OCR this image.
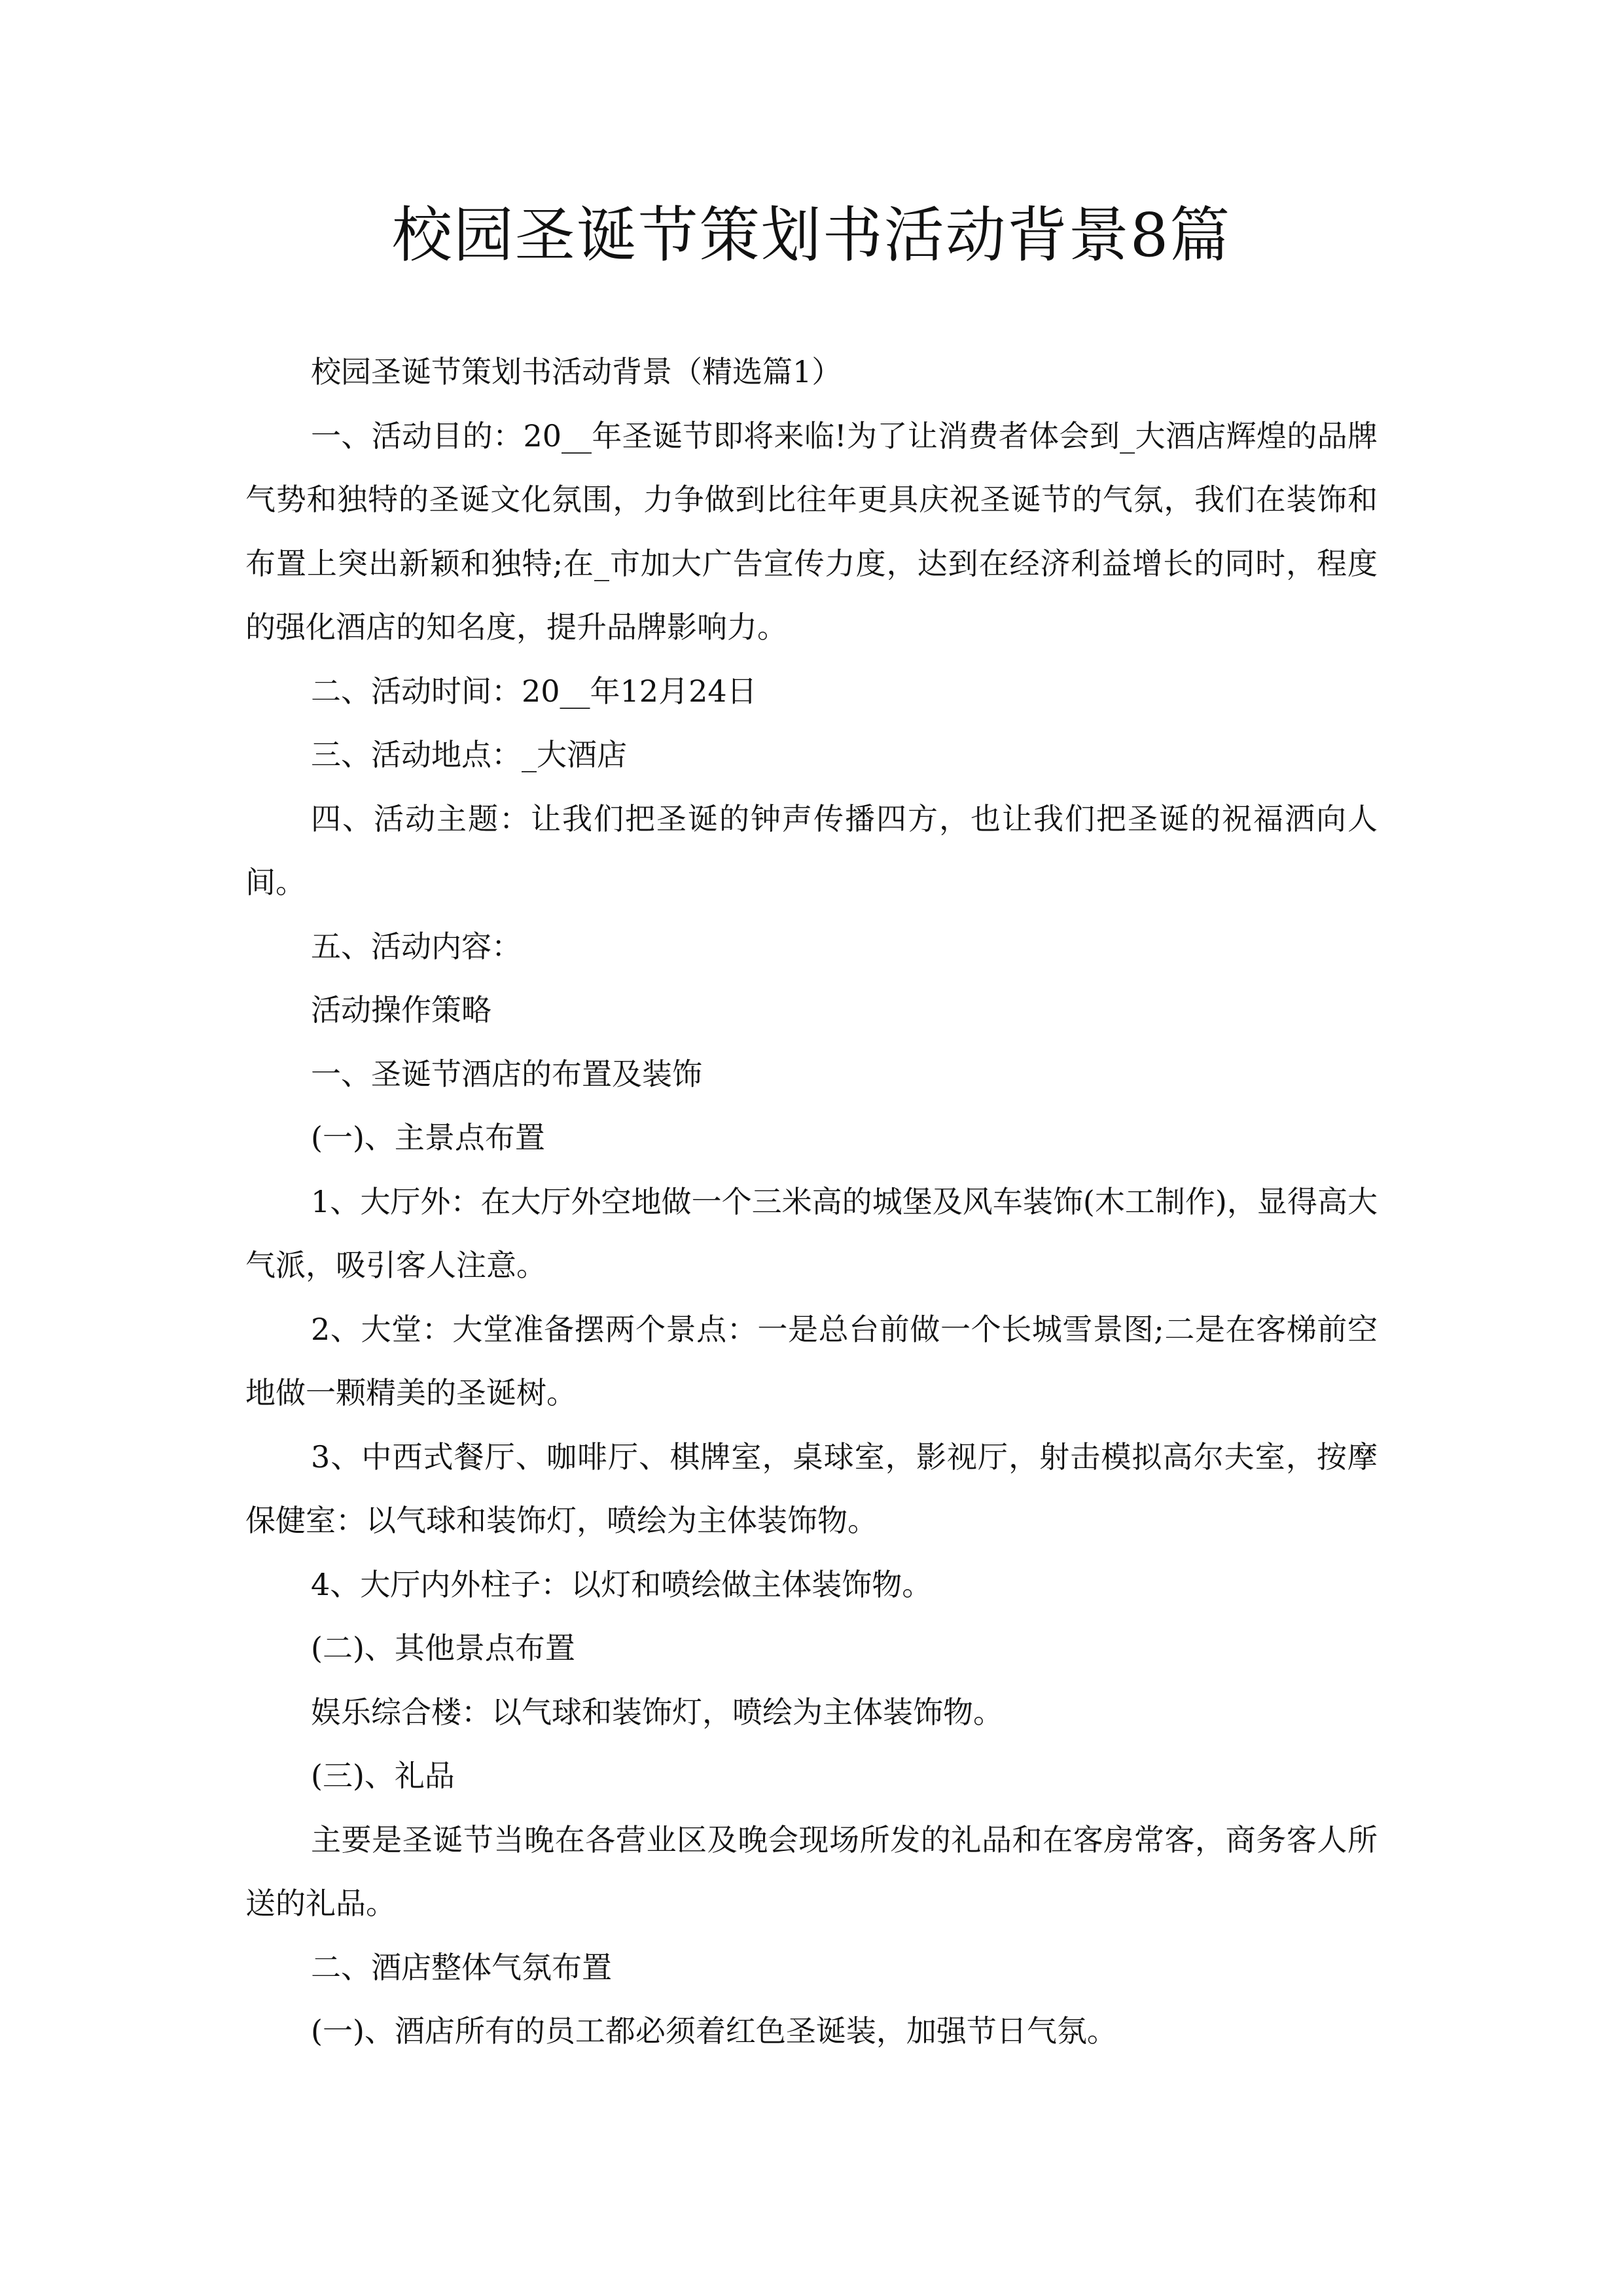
校园圣诞节策划书活动背景8篇

校园圣诞节策划书活动背景（精选篇1）

一、活动目的：20__年圣诞节即将来临!为了让消费者体会到_大酒店辉煌的品牌气势和独特的圣诞文化氛围，力争做到比往年更具庆祝圣诞节的气氛，我们在装饰和布置上突出新颖和独特;在_市加大广告宣传力度，达到在经济利益增长的同时，程度的强化酒店的知名度，提升品牌影响力。

二、活动时间：20__年12月24日

三、活动地点：_大酒店

四、活动主题：让我们把圣诞的钟声传播四方，也让我们把圣诞的祝福洒向人间。

五、活动内容：

活动操作策略

一、圣诞节酒店的布置及装饰

(一)、主景点布置

1、大厅外：在大厅外空地做一个三米高的城堡及风车装饰(木工制作)，显得高大气派，吸引客人注意。

2、大堂：大堂准备摆两个景点：一是总台前做一个长城雪景图;二是在客梯前空地做一颗精美的圣诞树。

3、中西式餐厅、咖啡厅、棋牌室，桌球室，影视厅，射击模拟高尔夫室，按摩保健室：以气球和装饰灯，喷绘为主体装饰物。

4、大厅内外柱子：以灯和喷绘做主体装饰物。

(二)、其他景点布置

娱乐综合楼：以气球和装饰灯，喷绘为主体装饰物。

(三)、礼品

主要是圣诞节当晚在各营业区及晚会现场所发的礼品和在客房常客，商务客人所送的礼品。

二、酒店整体气氛布置

(一)、酒店所有的员工都必须着红色圣诞装，加强节日气氛。
